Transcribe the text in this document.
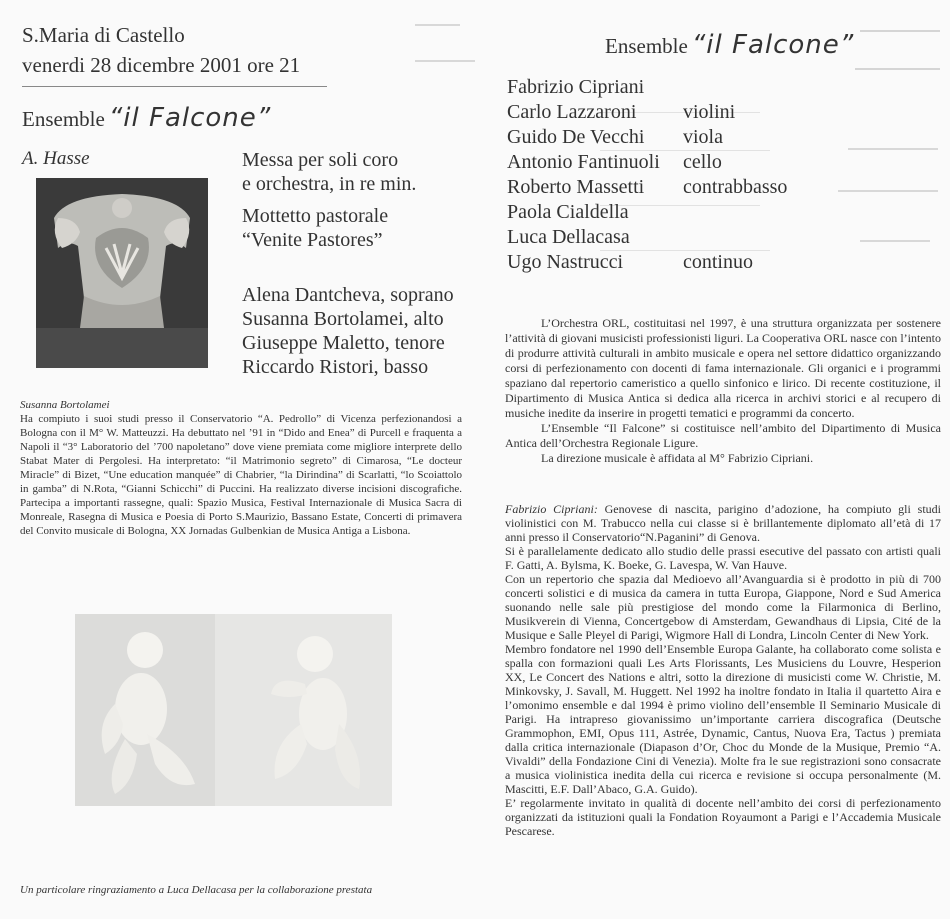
S.Maria di Castello
venerdi 28 dicembre 2001 ore 21
Ensemble “il Falcone”
A. Hasse	Messa per soli coro
e orchestra, in re min.
Mottetto pastorale
“Venite Pastores”
Alena Dantcheva, soprano
Susanna Bortolamei, alto
Giuseppe Maletto, tenore
Riccardo Ristori, basso
Susanna Bortolamei
Ha compiuto i suoi studi presso il Conservatorio “A. Pedrollo” di Vicenza perfezionandosi a Bologna con il M° W. Matteuzzi. Ha debuttato nel ’91 in “Dido and Enea” di Purcell e fraquenta a Napoli il “3° Laboratorio del ’700 napoletano” dove viene premiata come migliore interprete dello Stabat Mater di Pergolesi. Ha interpretato: “il Matrimonio segreto” di Cimarosa, “Le docteur Miracle” di Bizet, “Une education manquée” di Chabrier, “la Dirindina” di Scarlatti, “lo Scoiattolo in gamba” di N.Rota, “Gianni Schicchi” di Puccini. Ha realizzato diverse incisioni discografiche. Partecipa a importanti rassegne, quali: Spazio Musica, Festival Internazionale di Musica Sacra di Monreale, Rasegna di Musica e Poesia di Porto S.Maurizio, Bassano Estate, Concerti di primavera del Convito musicale di Bologna, XX Jornadas Gulbenkian de Musica Antiga a Lisbona.
Un particolare ringraziamento a Luca Dellacasa per la collaborazione prestata
Ensemble “il Falcone”
Fabrizio Cipriani
Carlo Lazzaroni violini
Guido De Vecchi viola
Antonio Fantinuoli cello
Roberto Massetti contrabbasso
Paola Cialdella
Luca Dellacasa
Ugo Nastrucci	continuo

L’Orchestra ORL, costituitasi nel 1997, è una struttura organizzata per sostenere l’attività di giovani musicisti professionisti liguri. La Cooperativa ORL nasce con l’intento di produrre attività culturali in ambito musicale e opera nel settore didattico organizzando corsi di perfezionamento con docenti di fama internazionale. Gli organici e i programmi spaziano dal repertorio cameristico a quello sinfonico e lirico. Di recente costituzione, il Dipartimento di Musica Antica si dedica alla ricerca in archivi storici e al recupero di musiche inedite da inserire in progetti tematici e programmi da concerto.

L’Ensemble “Il Falcone” si costituisce nell’ambito del Dipartimento di Musica Antica dell’Orchestra Regionale Ligure.

La direzione musicale è affidata al M° Fabrizio Cipriani.

Fabrizio Cipriani: Genovese di nascita, parigino d’adozione, ha compiuto gli studi violinistici con M. Trabucco nella cui classe si è brillantemente diplomato all’età di 17 anni presso il Conservatorio“N.Paganini” di Genova.

Si è parallelamente dedicato allo studio delle prassi esecutive del passato con artisti quali F. Gatti, A. Bylsma, K. Boeke, G. Lavespa, W. Van Hauve.

Con un repertorio che spazia dal Medioevo all’Avanguardia si è prodotto in più di 700 concerti solistici e di musica da camera in tutta Europa, Giappone, Nord e Sud America suonando nelle sale più prestigiose del mondo come la Filarmonica di Berlino, Musikverein di Vienna, Concertgebow di Amsterdam, Gewandhaus di Lipsia, Cité de la Musique e Salle Pleyel di Parigi, Wigmore Hall di Londra, Lincoln Center di New York.

Membro fondatore nel 1990 dell’Ensemble Europa Galante, ha collaborato come solista e spalla con formazioni quali Les Arts Florissants, Les Musiciens du Louvre, Hesperion XX, Le Concert des Nations e altri, sotto la direzione di musicisti come W. Christie, M. Minkovsky, J. Savall, M. Huggett. Nel 1992 ha inoltre fondato in Italia il quartetto Aira e l’omonimo ensemble e dal 1994 è primo violino dell’ensemble Il Seminario Musicale di Parigi. Ha intrapreso giovanissimo un’importante carriera discografica (Deutsche Grammophon, EMI, Opus 111, Astrée, Dynamic, Cantus, Nuova Era, Tactus ) premiata dalla critica internazionale (Diapason d’Or, Choc du Monde de la Musique, Premio “A. Vivaldi” della Fondazione Cini di Venezia). Molte fra le sue registrazioni sono consacrate a musica violinistica inedita della cui ricerca e revisione si occupa personalmente (M. Mascitti, E.F. Dall’Abaco, G.A. Guido).

E’ regolarmente invitato in qualità di docente nell’ambito dei corsi di perfezionamento organizzati da istituzioni quali la Fondation Royaumont a Parigi e l’Accademia Musicale Pescarese.
